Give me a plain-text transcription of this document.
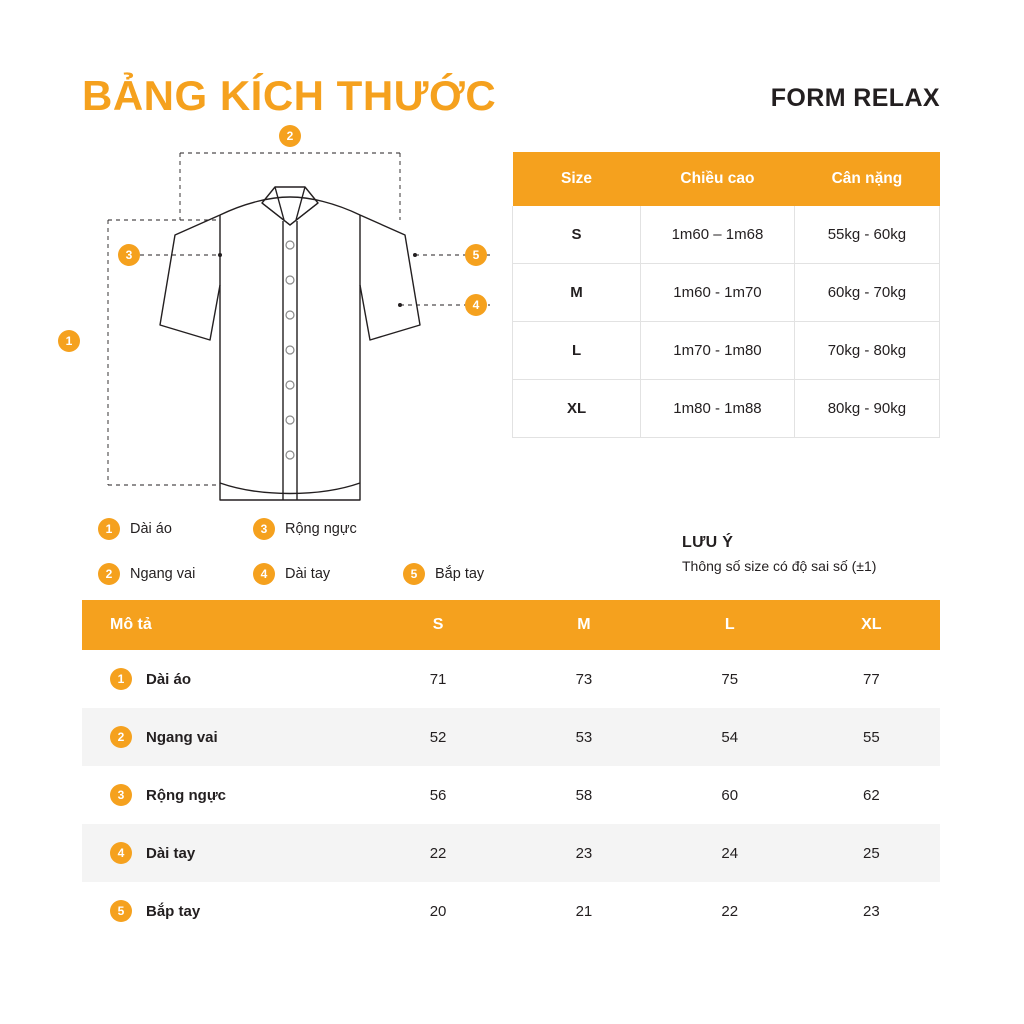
BẢNG KÍCH THƯỚC	FORM RELAX
2
1
3	5
4
1	Dài áo	3	Rộng ngực
2	Ngang vai	4	Dài tay	5	Bắp tay
Size	Chiều cao	Cân nặng
S	1m60 – 1m68	55kg - 60kg
M	1m60 - 1m70	60kg - 70kg
L	1m70 - 1m80	70kg - 80kg
XL	1m80 - 1m88	80kg - 90kg
LƯU Ý
Thông số size có độ sai số (±1)
Mô tả	S	M	L	XL

1 Dài áo	71	73	75	77

2 Ngang vai	52	53	54	55

3 Rộng ngực	56	58	60	62

4 Dài tay	22	23	24	25

5 Bắp tay	20	21	22	23
